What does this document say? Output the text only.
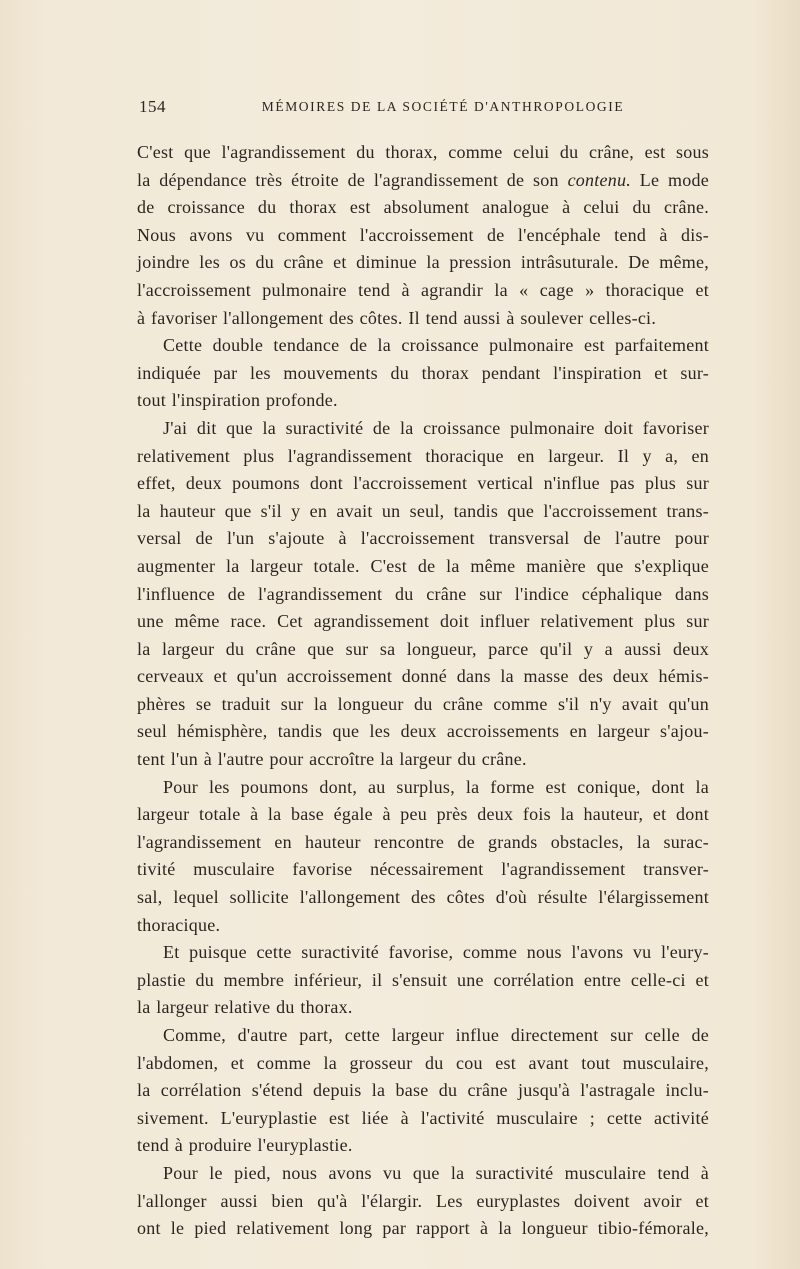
154	MÉMOIRES DE LA SOCIÉTÉ D'ANTHROPOLOGIE
C'est que l'agrandissement du thorax, comme celui du crâne, est sous
la dépendance très étroite de l'agrandissement de son contenu. Le mode
de croissance du thorax est absolument analogue à celui du crâne.
Nous avons vu comment l'accroissement de l'encéphale tend à dis-
joindre les os du crâne et diminue la pression intrâsuturale. De même,
l'accroissement pulmonaire tend à agrandir la « cage » thoracique et
à favoriser l'allongement des côtes. Il tend aussi à soulever celles-ci.
Cette double tendance de la croissance pulmonaire est parfaitement
indiquée par les mouvements du thorax pendant l'inspiration et sur-
tout l'inspiration profonde.
J'ai dit que la suractivité de la croissance pulmonaire doit favoriser
relativement plus l'agrandissement thoracique en largeur. Il y a, en
effet, deux poumons dont l'accroissement vertical n'influe pas plus sur
la hauteur que s'il y en avait un seul, tandis que l'accroissement trans-
versal de l'un s'ajoute à l'accroissement transversal de l'autre pour
augmenter la largeur totale. C'est de la même manière que s'explique
l'influence de l'agrandissement du crâne sur l'indice céphalique dans
une même race. Cet agrandissement doit influer relativement plus sur
la largeur du crâne que sur sa longueur, parce qu'il y a aussi deux
cerveaux et qu'un accroissement donné dans la masse des deux hémis-
phères se traduit sur la longueur du crâne comme s'il n'y avait qu'un
seul hémisphère, tandis que les deux accroissements en largeur s'ajou-
tent l'un à l'autre pour accroître la largeur du crâne.
Pour les poumons dont, au surplus, la forme est conique, dont la
largeur totale à la base égale à peu près deux fois la hauteur, et dont
l'agrandissement en hauteur rencontre de grands obstacles, la surac-
tivité musculaire favorise nécessairement l'agrandissement transver-
sal, lequel sollicite l'allongement des côtes d'où résulte l'élargissement
thoracique.
Et puisque cette suractivité favorise, comme nous l'avons vu l'eury-
plastie du membre inférieur, il s'ensuit une corrélation entre celle-ci et
la largeur relative du thorax.
Comme, d'autre part, cette largeur influe directement sur celle de
l'abdomen, et comme la grosseur du cou est avant tout musculaire,
la corrélation s'étend depuis la base du crâne jusqu'à l'astragale inclu-
sivement. L'euryplastie est liée à l'activité musculaire ; cette activité
tend à produire l'euryplastie.
Pour le pied, nous avons vu que la suractivité musculaire tend à
l'allonger aussi bien qu'à l'élargir. Les euryplastes doivent avoir et
ont le pied relativement long par rapport à la longueur tibio-fémorale,
